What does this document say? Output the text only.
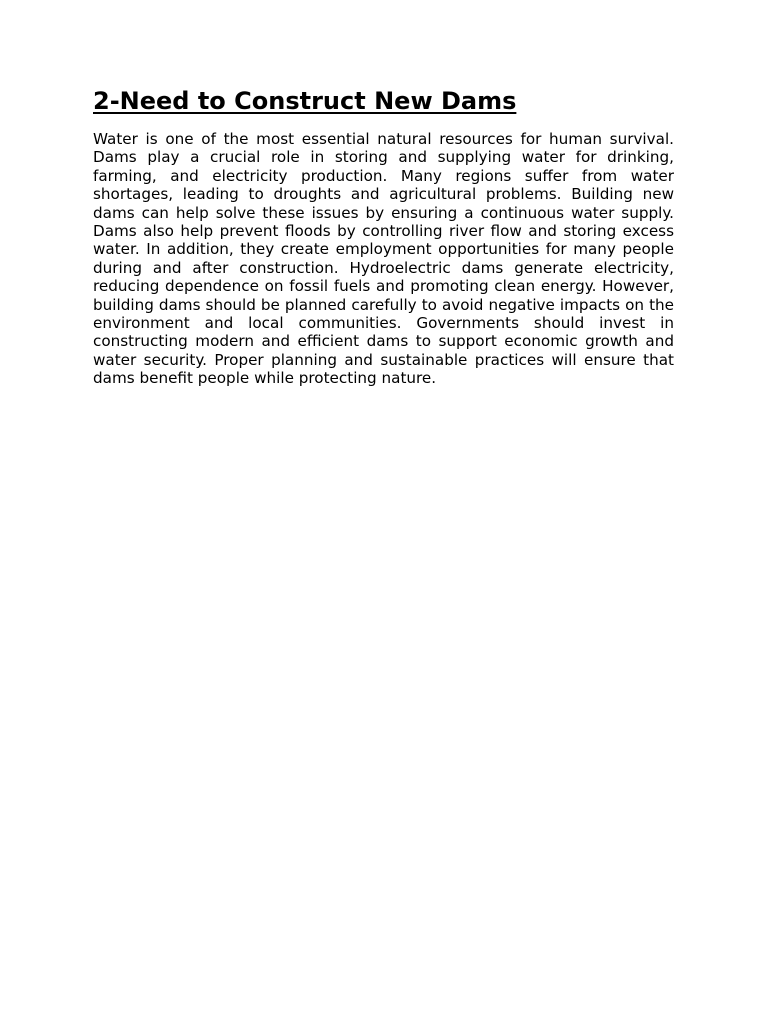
2-Need to Construct New Dams

Water is one of the most essential natural resources for human survival. Dams play a crucial role in storing and supplying water for drinking, farming, and electricity production. Many regions suffer from water shortages, leading to droughts and agricultural problems. Building new dams can help solve these issues by ensuring a continuous water supply. Dams also help prevent floods by controlling river flow and storing excess water. In addition, they create employment opportunities for many people during and after construction. Hydroelectric dams generate electricity, reducing dependence on fossil fuels and promoting clean energy. However, building dams should be planned carefully to avoid negative impacts on the environment and local communities. Governments should invest in constructing modern and efficient dams to support economic growth and water security. Proper planning and sustainable practices will ensure that dams benefit people while protecting nature.
